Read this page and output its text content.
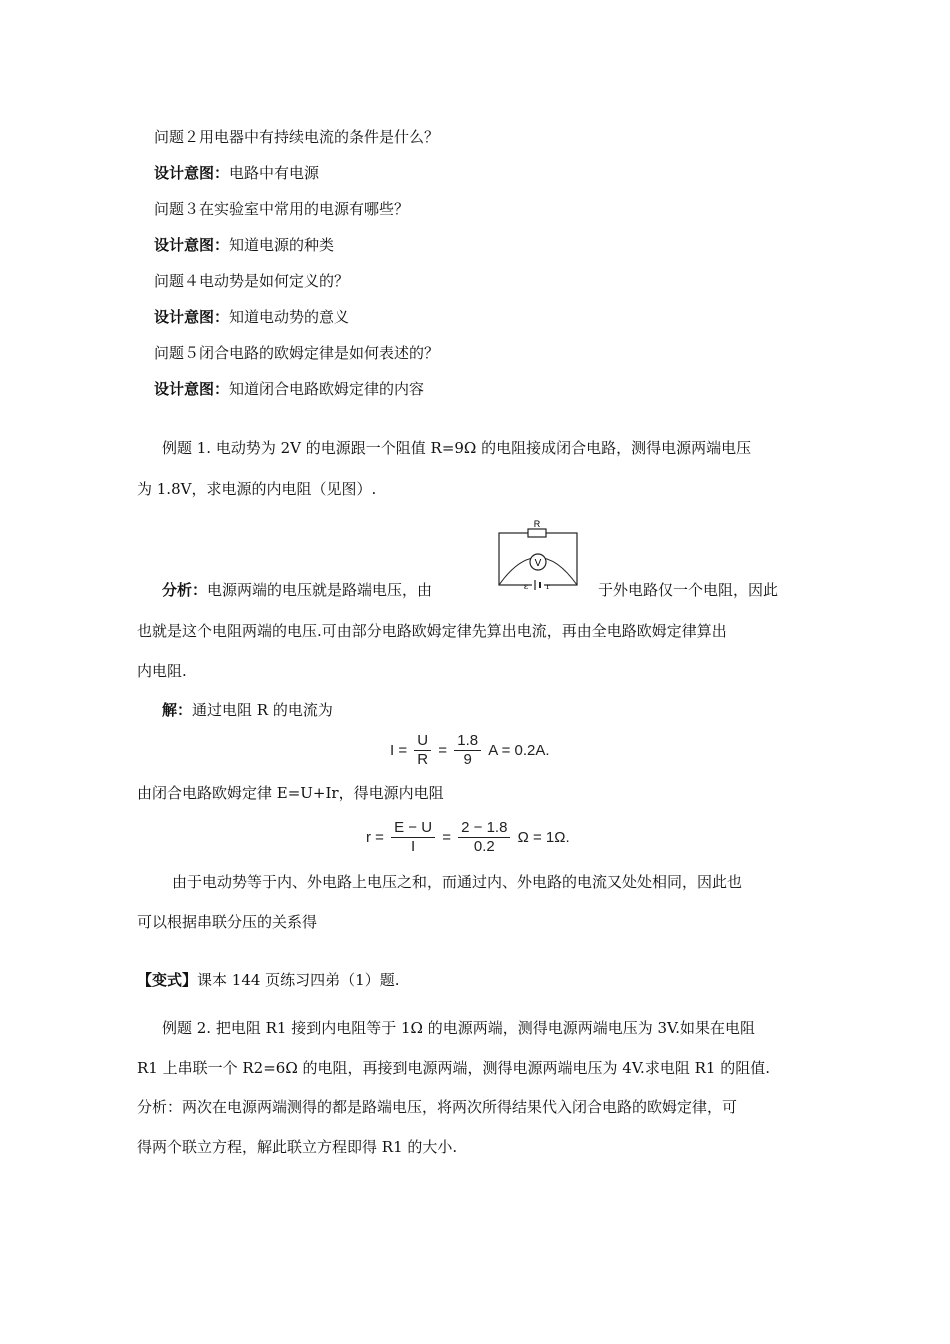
问题２用电器中有持续电流的条件是什么？
设计意图：电路中有电源
问题３在实验室中常用的电源有哪些？
设计意图：知道电源的种类
问题４电动势是如何定义的？
设计意图：知道电动势的意义
问题５闭合电路的欧姆定律是如何表述的？
设计意图：知道闭合电路欧姆定律的内容
例题 1. 电动势为 2V 的电源跟一个阻值 R=9Ω 的电阻接成闭合电路，测得电源两端电压
为 1.8V，求电源的内电阻（见图）.
R
V
ε r
分析：电源两端的电压就是路端电压，由	于外电路仅一个电阻，因此
也就是这个电阻两端的电压.可由部分电路欧姆定律先算出电流，再由全电路欧姆定律算出
内电阻.
解：通过电阻 R 的电流为
$I = \frac{U}{R} = \frac{1.8}{9}$ A = 0.2A.
由闭合电路欧姆定律 E=U+Ir，得电源内电阻
$r = \frac{E - U}{I} = \frac{2 - 1.8}{0.2}$ Ω = 1Ω.
由于电动势等于内、外电路上电压之和，而通过内、外电路的电流又处处相同，因此也
可以根据串联分压的关系得
【变式】课本 144 页练习四弟（1）题.
例题 2. 把电阻 R1 接到内电阻等于 1Ω 的电源两端，测得电源两端电压为 3V.如果在电阻
R1 上串联一个 R2=6Ω 的电阻，再接到电源两端，测得电源两端电压为 4V.求电阻 R1 的阻值.
分析：两次在电源两端测得的都是路端电压，将两次所得结果代入闭合电路的欧姆定律，可
得两个联立方程，解此联立方程即得 R1 的大小.
